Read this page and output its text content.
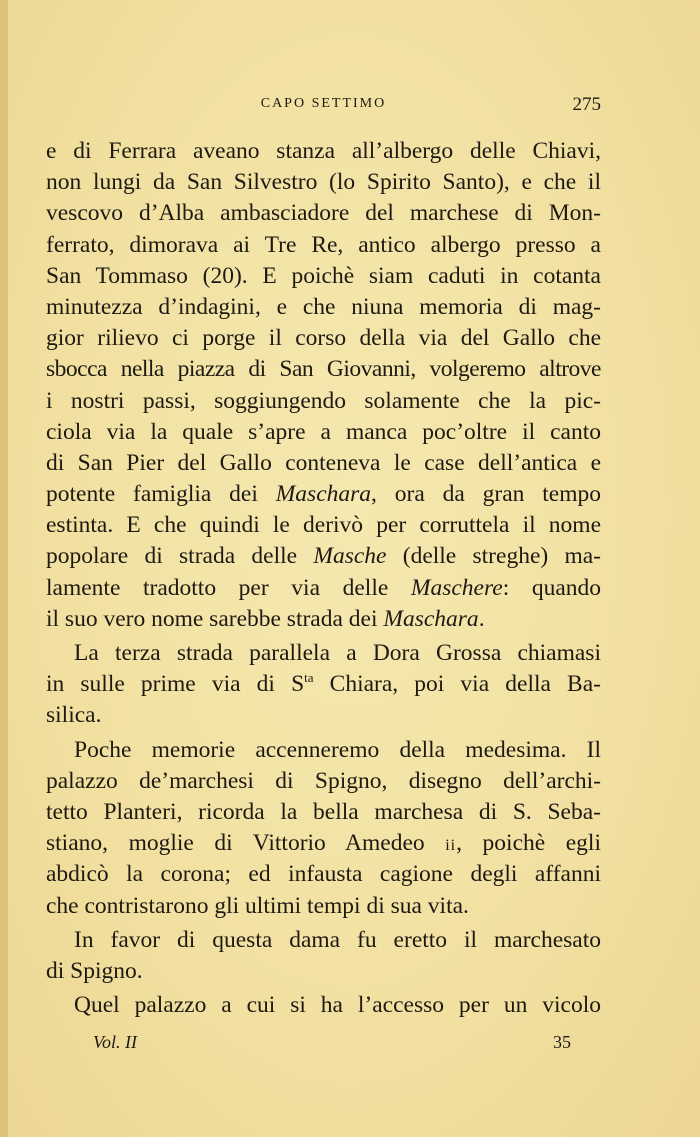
CAPO SETTIMO	275
e di Ferrara aveano stanza all’albergo delle Chiavi,
non lungi da San Silvestro (lo Spirito Santo), e che il
vescovo d’Alba ambasciadore del marchese di Mon-
ferrato, dimorava ai Tre Re, antico albergo presso a
San Tommaso (20). E poichè siam caduti in cotanta
minutezza d’indagini, e che niuna memoria di mag-
gior rilievo ci porge il corso della via del Gallo che
sbocca nella piazza di San Giovanni, volgeremo altrove
i nostri passi, soggiungendo solamente che la pic-
ciola via la quale s’apre a manca poc’oltre il canto
di San Pier del Gallo conteneva le case dell’antica e
potente famiglia dei Maschara, ora da gran tempo
estinta. E che quindi le derivò per corruttela il nome
popolare di strada delle Masche (delle streghe) ma-
lamente tradotto per via delle Maschere: quando
il suo vero nome sarebbe strada dei Maschara.
La terza strada parallela a Dora Grossa chiamasi
in sulle prime via di $S^{ta}$ Chiara, poi via della Ba-
silica.
Poche memorie accenneremo della medesima. Il
palazzo de’marchesi di Spigno, disegno dell’archi-
tetto Planteri, ricorda la bella marchesa di S. Seba-
stiano, moglie di Vittorio Amedeo ii, poichè egli
abdicò la corona; ed infausta cagione degli affanni
che contristarono gli ultimi tempi di sua vita.
In favor di questa dama fu eretto il marchesato
di Spigno.
Quel palazzo a cui si ha l’accesso per un vicolo
Vol. II	35
